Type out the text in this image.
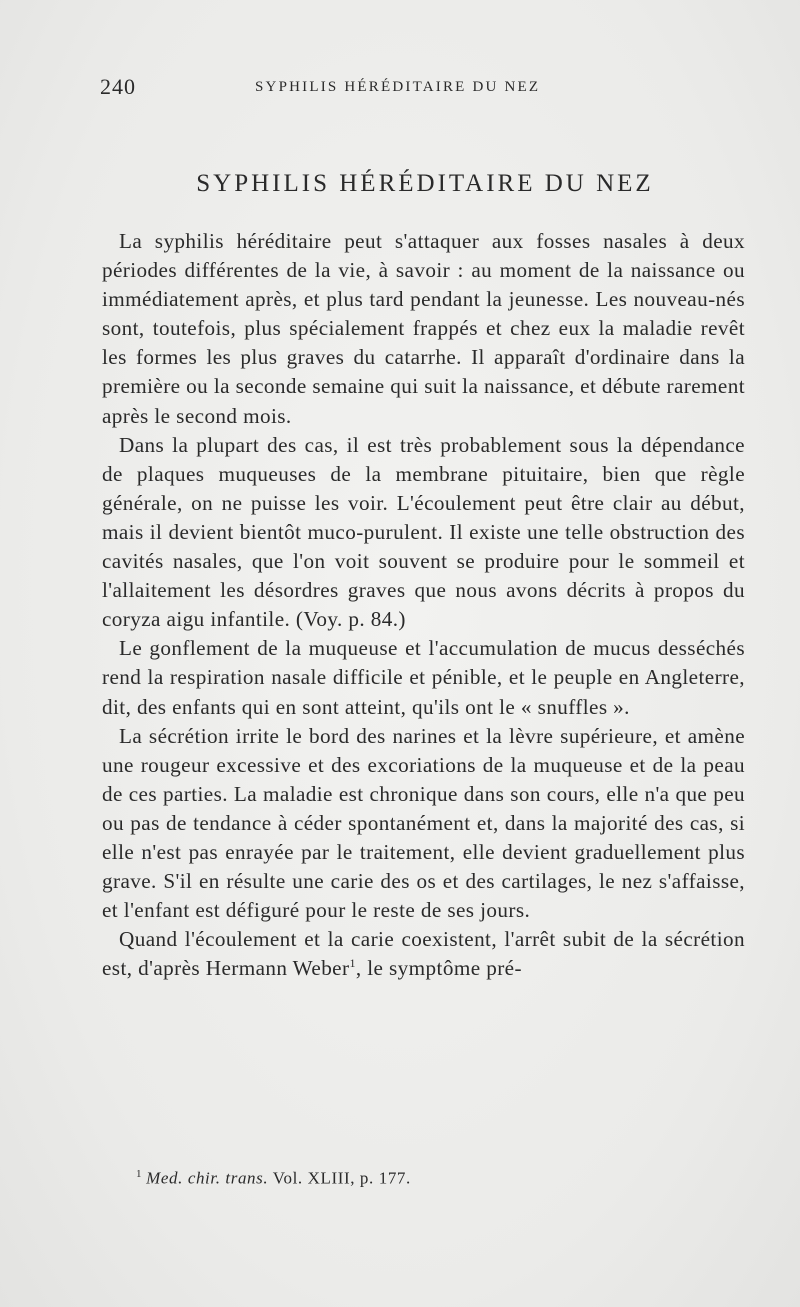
240	SYPHILIS HÉRÉDITAIRE DU NEZ
SYPHILIS HÉRÉDITAIRE DU NEZ

La syphilis héréditaire peut s'attaquer aux fosses nasales à deux périodes différentes de la vie, à savoir : au moment de la naissance ou immédiatement après, et plus tard pendant la jeunesse. Les nouveau-nés sont, toutefois, plus spécialement frappés et chez eux la maladie revêt les formes les plus graves du catarrhe. Il apparaît d'ordinaire dans la première ou la seconde semaine qui suit la naissance, et débute rarement après le second mois.

Dans la plupart des cas, il est très probablement sous la dépendance de plaques muqueuses de la membrane pituitaire, bien que règle générale, on ne puisse les voir. L'écoulement peut être clair au début, mais il devient bientôt muco-purulent. Il existe une telle obstruction des cavités nasales, que l'on voit souvent se produire pour le sommeil et l'allaitement les désordres graves que nous avons décrits à propos du coryza aigu infantile. (Voy. p. 84.)

Le gonflement de la muqueuse et l'accumulation de mucus desséchés rend la respiration nasale difficile et pénible, et le peuple en Angleterre, dit, des enfants qui en sont atteint, qu'ils ont le « snuffles ».

La sécrétion irrite le bord des narines et la lèvre supérieure, et amène une rougeur excessive et des excoriations de la muqueuse et de la peau de ces parties. La maladie est chronique dans son cours, elle n'a que peu ou pas de tendance à céder spontanément et, dans la majorité des cas, si elle n'est pas enrayée par le traitement, elle devient graduellement plus grave. S'il en résulte une carie des os et des cartilages, le nez s'affaisse, et l'enfant est défiguré pour le reste de ses jours.

Quand l'écoulement et la carie coexistent, l'arrêt subit de la sécrétion est, d'après Hermann Weber$^1$, le symptôme pré-

$^1$ Med. chir. trans. Vol. XLIII, p. 177.
